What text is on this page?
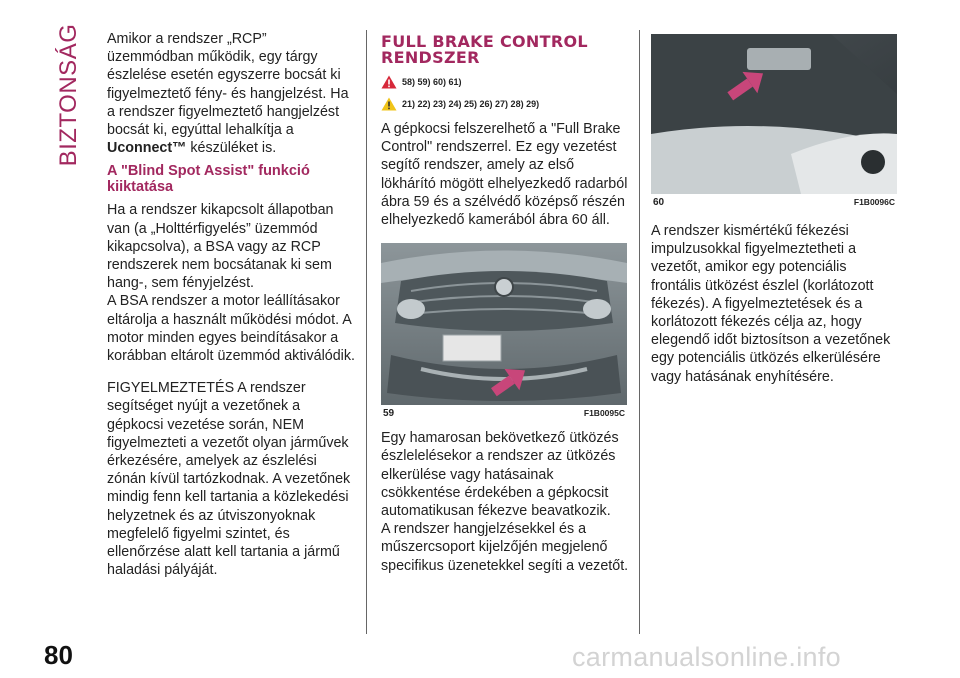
BIZTONSÁG Amikor a rendszer „RCP” üzemmódban működik, egy tárgy észlelése esetén egyszerre bocsát ki figyelmeztető fény- és hangjelzést. Ha a rendszer figyelmeztető hangjelzést bocsát ki, egyúttal lehalkítja a Uconnect™ készüléket is.

A "Blind Spot Assist" funkció kiiktatása

Ha a rendszer kikapcsolt állapotban van (a „Holttérfigyelés” üzemmód kikapcsolva), a BSA vagy az RCP rendszerek nem bocsátanak ki sem hang-, sem fényjelzést.

A BSA rendszer a motor leállításakor eltárolja a használt működési módot. A motor minden egyes beindításakor a korábban eltárolt üzemmód aktiválódik.

FIGYELMEZTETÉS A rendszer segítséget nyújt a vezetőnek a gépkocsi vezetése során, NEM figyelmezteti a vezetőt olyan járművek érkezésére, amelyek az észlelési zónán kívül tartózkodnak. A vezetőnek mindig fenn kell tartania a közlekedési helyzetnek és az útviszonyoknak megfelelő figyelmi szintet, és ellenőrzése alatt kell tartania a jármű haladási pályáját.

FULL BRAKE CONTROL RENDSZER
58) 59) 60) 61)
21) 22) 23) 24) 25) 26) 27) 28) 29)

A gépkocsi felszerelhető a "Full Brake Control" rendszerrel. Ez egy vezetést segítő rendszer, amely az első lökhárító mögött elhelyezkedő radarból ábra 59 és a szélvédő középső részén elhelyezkedő kamerából ábra 60 áll.

59	F1B0095C

Egy hamarosan bekövetkező ütközés észlelelésekor a rendszer az ütközés elkerülése vagy hatásainak csökkentése érdekében a gépkocsit automatikusan fékezve beavatkozik.

A rendszer hangjelzésekkel és a műszercsoport kijelzőjén megjelenő specifikus üzenetekkel segíti a vezetőt.

60	F1B0096C

A rendszer kismértékű fékezési impulzusokkal figyelmeztetheti a vezetőt, amikor egy potenciális frontális ütközést észlel (korlátozott fékezés). A figyelmeztetések és a korlátozott fékezés célja az, hogy elegendő időt biztosítson a vezetőnek egy potenciális ütközés elkerülésére vagy hatásának enyhítésére.

80	carmanualsonline.info
